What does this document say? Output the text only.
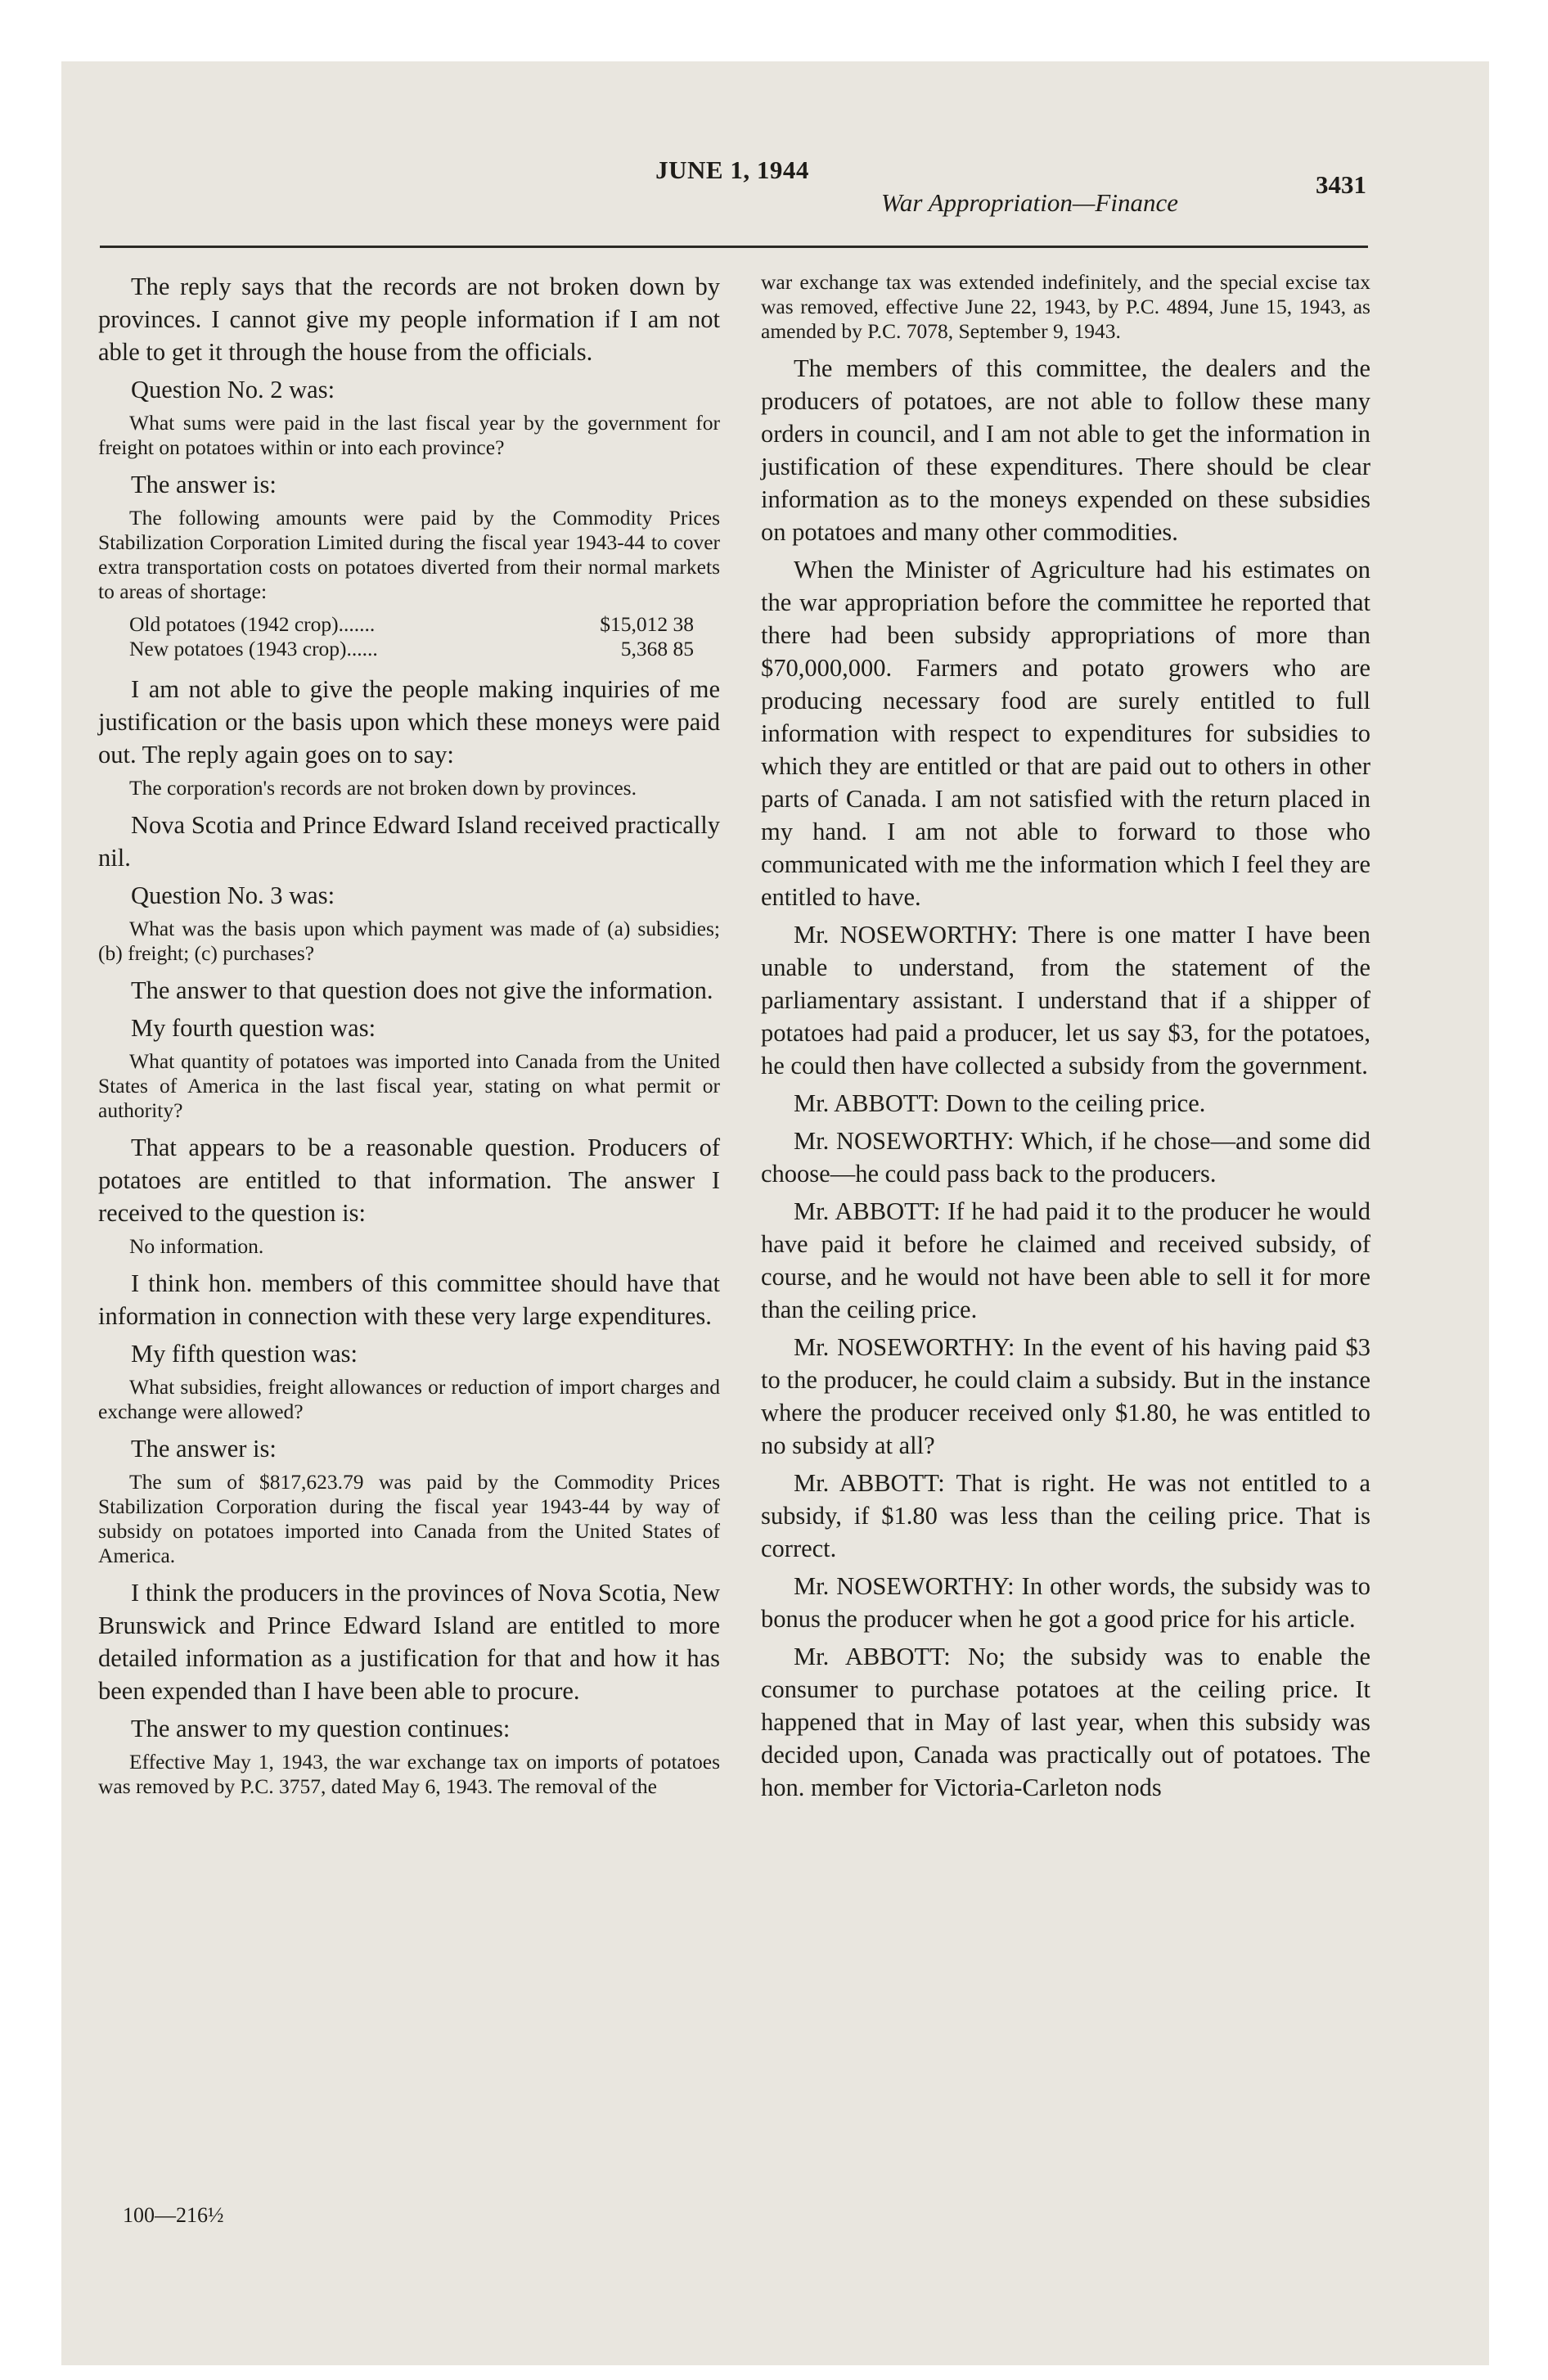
JUNE 1, 1944
War Appropriation—Finance
3431

The reply says that the records are not broken down by provinces. I cannot give my people information if I am not able to get it through the house from the officials.

Question No. 2 was:

What sums were paid in the last fiscal year by the government for freight on potatoes within or into each province?

The answer is:

The following amounts were paid by the Commodity Prices Stabilization Corporation Limited during the fiscal year 1943-44 to cover extra transportation costs on potatoes diverted from their normal markets to areas of shortage:

Old potatoes (1942 crop).......	$15,012 38
New potatoes (1943 crop)......	5,368 85

I am not able to give the people making inquiries of me justification or the basis upon which these moneys were paid out. The reply again goes on to say:

The corporation's records are not broken down by provinces.

Nova Scotia and Prince Edward Island received practically nil.

Question No. 3 was:

What was the basis upon which payment was made of (a) subsidies; (b) freight; (c) purchases?

The answer to that question does not give the information.

My fourth question was:

What quantity of potatoes was imported into Canada from the United States of America in the last fiscal year, stating on what permit or authority?

That appears to be a reasonable question. Producers of potatoes are entitled to that information. The answer I received to the question is:

No information.

I think hon. members of this committee should have that information in connection with these very large expenditures.

My fifth question was:

What subsidies, freight allowances or reduction of import charges and exchange were allowed?

The answer is:

The sum of $817,623.79 was paid by the Commodity Prices Stabilization Corporation during the fiscal year 1943-44 by way of subsidy on potatoes imported into Canada from the United States of America.

I think the producers in the provinces of Nova Scotia, New Brunswick and Prince Edward Island are entitled to more detailed information as a justification for that and how it has been expended than I have been able to procure.

The answer to my question continues:

Effective May 1, 1943, the war exchange tax on imports of potatoes was removed by P.C. 3757, dated May 6, 1943. The removal of the

war exchange tax was extended indefinitely, and the special excise tax was removed, effective June 22, 1943, by P.C. 4894, June 15, 1943, as amended by P.C. 7078, September 9, 1943.

The members of this committee, the dealers and the producers of potatoes, are not able to follow these many orders in council, and I am not able to get the information in justification of these expenditures. There should be clear information as to the moneys expended on these subsidies on potatoes and many other commodities.

When the Minister of Agriculture had his estimates on the war appropriation before the committee he reported that there had been subsidy appropriations of more than $70,000,000. Farmers and potato growers who are producing necessary food are surely entitled to full information with respect to expenditures for subsidies to which they are entitled or that are paid out to others in other parts of Canada. I am not satisfied with the return placed in my hand. I am not able to forward to those who communicated with me the information which I feel they are entitled to have.

Mr. NOSEWORTHY: There is one matter I have been unable to understand, from the statement of the parliamentary assistant. I understand that if a shipper of potatoes had paid a producer, let us say $3, for the potatoes, he could then have collected a subsidy from the government.

Mr. ABBOTT: Down to the ceiling price.

Mr. NOSEWORTHY: Which, if he chose—and some did choose—he could pass back to the producers.

Mr. ABBOTT: If he had paid it to the producer he would have paid it before he claimed and received subsidy, of course, and he would not have been able to sell it for more than the ceiling price.

Mr. NOSEWORTHY: In the event of his having paid $3 to the producer, he could claim a subsidy. But in the instance where the producer received only $1.80, he was entitled to no subsidy at all?

Mr. ABBOTT: That is right. He was not entitled to a subsidy, if $1.80 was less than the ceiling price. That is correct.

Mr. NOSEWORTHY: In other words, the subsidy was to bonus the producer when he got a good price for his article.

Mr. ABBOTT: No; the subsidy was to enable the consumer to purchase potatoes at the ceiling price. It happened that in May of last year, when this subsidy was decided upon, Canada was practically out of potatoes. The hon. member for Victoria-Carleton nods

100—216½
